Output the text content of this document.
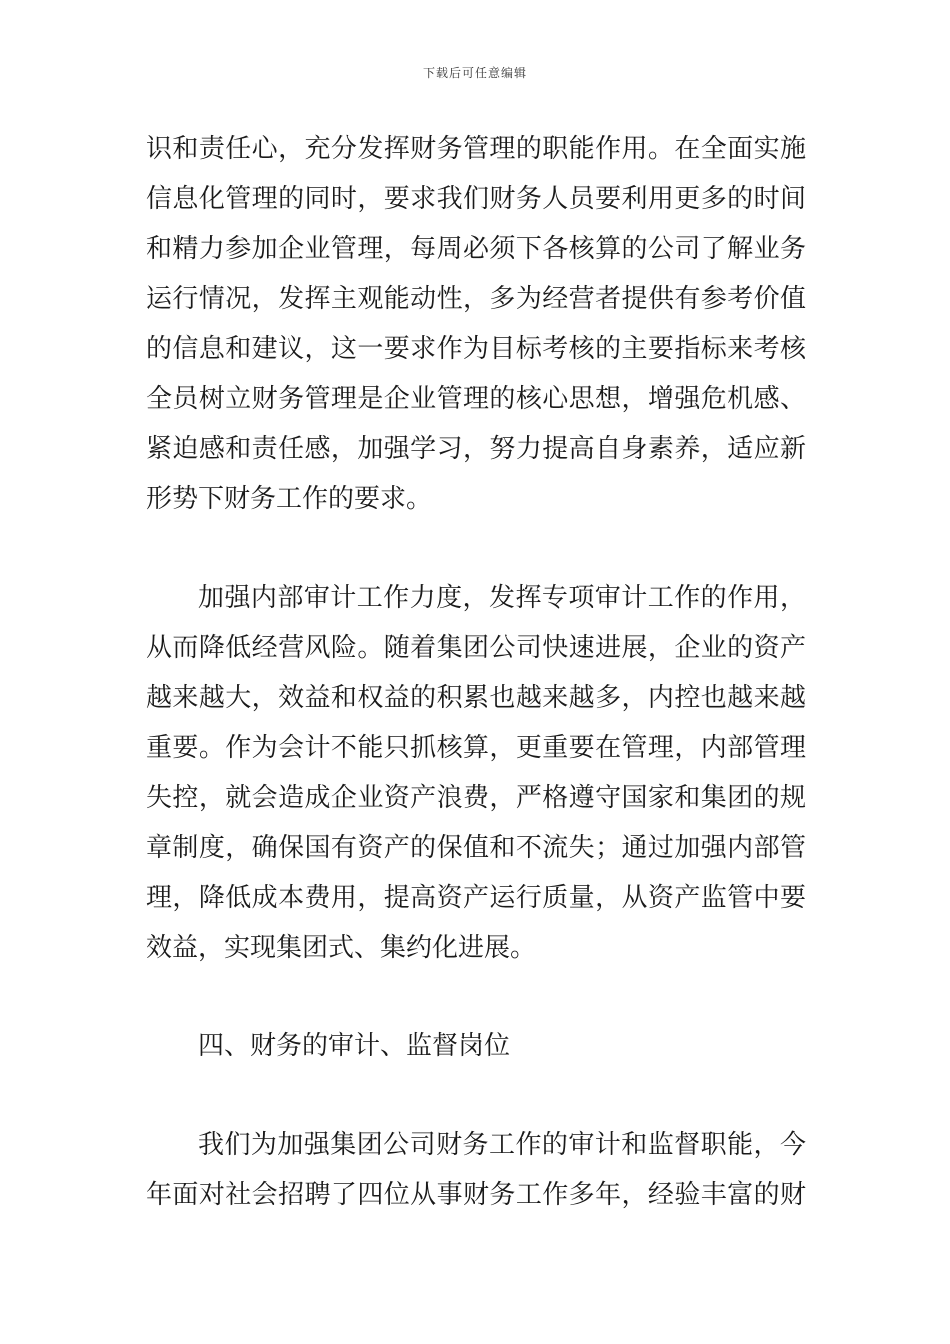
下载后可任意编辑
识和责任心，充分发挥财务管理的职能作用。在全面实施
信息化管理的同时，要求我们财务人员要利用更多的时间
和精力参加企业管理，每周必须下各核算的公司了解业务
运行情况，发挥主观能动性，多为经营者提供有参考价值
的信息和建议，这一要求作为目标考核的主要指标来考核
全员树立财务管理是企业管理的核心思想，增强危机感、
紧迫感和责任感，加强学习，努力提高自身素养，适应新
形势下财务工作的要求。
加强内部审计工作力度，发挥专项审计工作的作用，
从而降低经营风险。随着集团公司快速进展，企业的资产
越来越大，效益和权益的积累也越来越多，内控也越来越
重要。作为会计不能只抓核算，更重要在管理，内部管理
失控，就会造成企业资产浪费，严格遵守国家和集团的规
章制度，确保国有资产的保值和不流失；通过加强内部管
理，降低成本费用，提高资产运行质量，从资产监管中要
效益，实现集团式、集约化进展。
四、财务的审计、监督岗位
我们为加强集团公司财务工作的审计和监督职能，今
年面对社会招聘了四位从事财务工作多年，经验丰富的财
